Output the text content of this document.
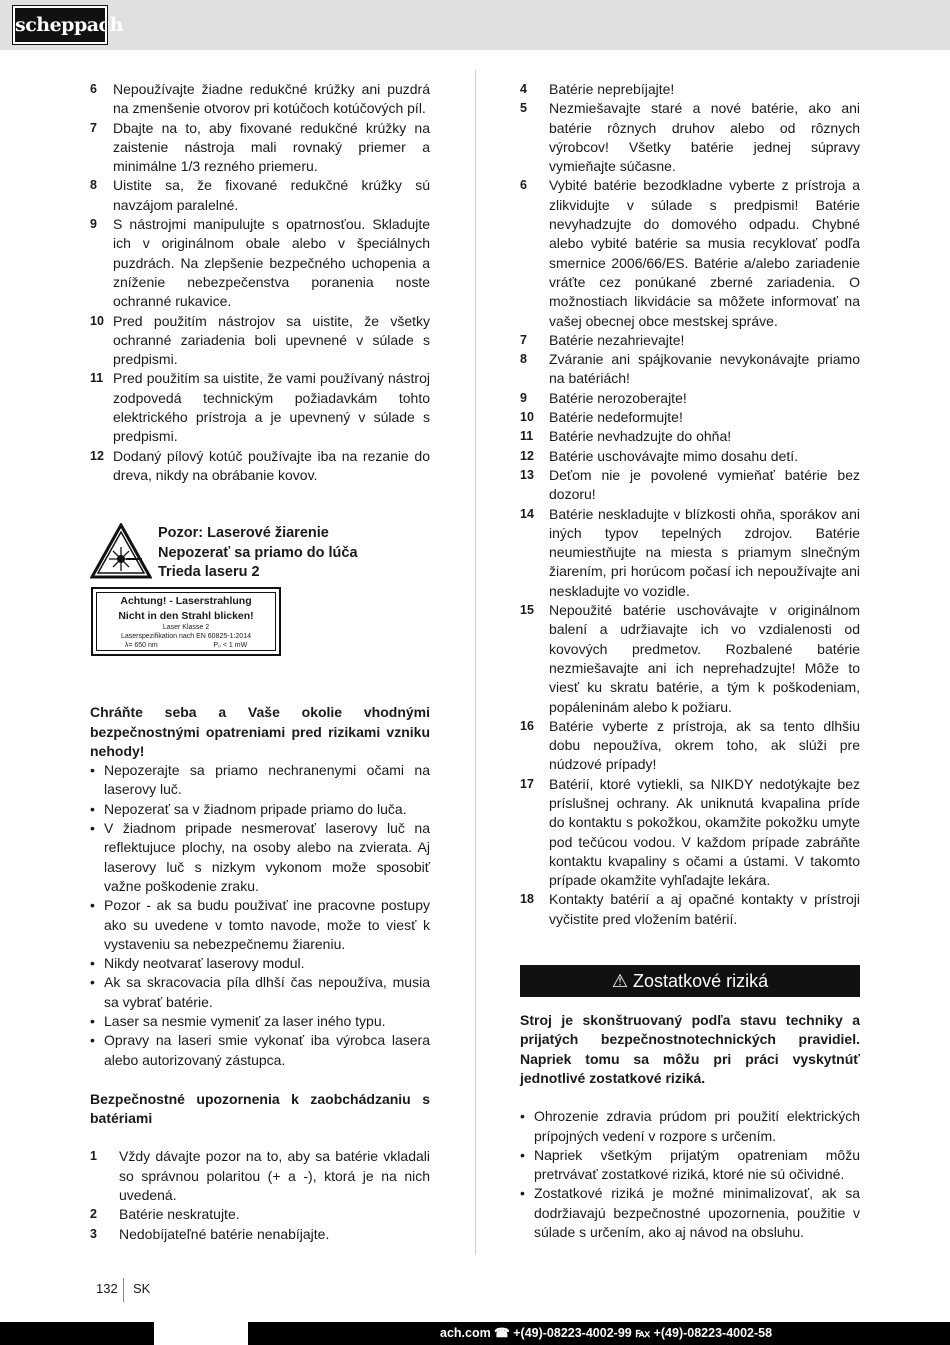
scheppach
6	Nepoužívajte žiadne redukčné krúžky ani puzdrá na zmenšenie otvorov pri kotúčoch kotúčových píl.
7	Dbajte na to, aby fixované redukčné krúžky na zaistenie nástroja mali rovnaký priemer a minimálne 1/3 rezného priemeru.
8	Uistite sa, že fixované redukčné krúžky sú navzájom paralelné.
9	S nástrojmi manipulujte s opatrnosťou. Skladujte ich v originálnom obale alebo v špeciálnych puzdrách. Na zlepšenie bezpečného uchopenia a zníženie nebezpečenstva poranenia noste ochranné rukavice.
10 Pred použitím nástrojov sa uistite, že všetky ochranné zariadenia boli upevnené v súlade s predpismi.
11 Pred použitím sa uistite, že vami používaný nástroj zodpovedá technickým požiadavkám tohto elektrického prístroja a je upevnený v súlade s predpismi.
12 Dodaný pílový kotúč používajte iba na rezanie do dreva, nikdy na obrábanie kovov.
Pozor: Laserové žiarenie
Nepozerať sa priamo do lúča
Trieda laseru 2
Achtung! - Laserstrahlung
Nicht in den Strahl blicken!
Laser Klasse 2
Laserspezifikation nach EN 60825-1:2014
λ= 650 nm	P₀ < 1 mW

Chráňte seba a Vaše okolie vhodnými bezpečnostnými opatreniami pred rizikami vzniku nehody!

• Nepozerajte sa priamo nechranenymi očami na laserovy luč.
• Nepozerať sa v žiadnom pripade priamo do luča.
• V žiadnom pripade nesmerovať laserovy luč na reflektujuce plochy, na osoby alebo na zvierata. Aj laserovy luč s nizkym vykonom može sposobiť važne poškodenie zraku.
• Pozor - ak sa budu použivať ine pracovne postupy ako su uvedene v tomto navode, može to viesť k vystaveniu sa nebezpečnemu žiareniu.
• Nikdy neotvarať laserovy modul.
• Ak sa skracovacia píla dlhší čas nepoužíva, musia sa vybrať batérie.
• Laser sa nesmie vymeniť za laser iného typu.
• Opravy na laseri smie vykonať iba výrobca lasera alebo autorizovaný zástupca.

Bezpečnostné upozornenia k zaobchádzaniu s batériami

1	Vždy dávajte pozor na to, aby sa batérie vkladali so správnou polaritou (+ a -), ktorá je na nich uvedená.
2	Batérie neskratujte.
3	Nedobíjateľné batérie nenabíjajte.
4	Batérie neprebíjajte!
5	Nezmiešavajte staré a nové batérie, ako ani batérie rôznych druhov alebo od rôznych výrobcov! Všetky batérie jednej súpravy vymieňajte súčasne.
6	Vybité batérie bezodkladne vyberte z prístroja a zlikvidujte v súlade s predpismi! Batérie nevyhadzujte do domového odpadu. Chybné alebo vybité batérie sa musia recyklovať podľa smernice 2006/66/ES. Batérie a/alebo zariadenie vráťte cez ponúkané zberné zariadenia. O možnostiach likvidácie sa môžete informovať na vašej obecnej obce mestskej správe.
7	Batérie nezahrievajte!
8	Zváranie ani spájkovanie nevykonávajte priamo na batériách!
9	Batérie nerozoberajte!
10	Batérie nedeformujte!
11	Batérie nevhadzujte do ohňa!
12	Batérie uschovávajte mimo dosahu detí.
13	Deťom nie je povolené vymieňať batérie bez dozoru!
14	Batérie neskladujte v blízkosti ohňa, sporákov ani iných typov tepelných zdrojov. Batérie neumiestňujte na miesta s priamym slnečným žiarením, pri horúcom počasí ich nepoužívajte ani neskladujte vo vozidle.
15	Nepoužité batérie uschovávajte v originálnom balení a udržiavajte ich vo vzdialenosti od kovových predmetov. Rozbalené batérie nezmiešavajte ani ich neprehadzujte! Môže to viesť ku skratu batérie, a tým k poškodeniam, popáleninám alebo k požiaru.
16	Batérie vyberte z prístroja, ak sa tento dlhšiu dobu nepoužíva, okrem toho, ak slúži pre núdzové prípady!
17	Batérií, ktoré vytiekli, sa NIKDY nedotýkajte bez príslušnej ochrany. Ak uniknutá kvapalina príde do kontaktu s pokožkou, okamžite pokožku umyte pod tečúcou vodou. V každom prípade zabráňte kontaktu kvapaliny s očami a ústami. V takomto prípade okamžite vyhľadajte lekára.
18	Kontakty batérií a aj opačné kontakty v prístroji vyčistite pred vložením batérií.
⚠ Zostatkové riziká

Stroj je skonštruovaný podľa stavu techniky a prijatých bezpečnostnotechnických pravidiel. Napriek tomu sa môžu pri práci vyskytnúť jednotlivé zostatkové riziká.

• Ohrozenie zdravia prúdom pri použití elektrických prípojných vedení v rozpore s určením.
• Napriek všetkým prijatým opatreniam môžu pretrvávať zostatkové riziká, ktoré nie sú očividné.
• Zostatkové riziká je možné minimalizovať, ak sa dodržiavajú bezpečnostné upozornenia, použitie v súlade s určením, ako aj návod na obsluhu.
132 SK
ach.com ☎ +(49)-08223-4002-99 ℻ +(49)-08223-4002-58
